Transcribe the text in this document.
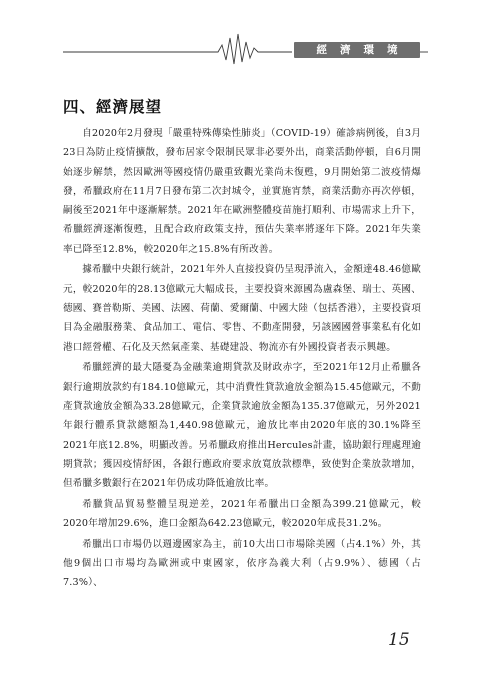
經濟環境
四、經濟展望

自2020年2月發現「嚴重特殊傳染性肺炎」（COVID-19）確診病例後，自3月23日為防止疫情擴散，發布居家令限制民眾非必要外出，商業活動停頓，自6月開始逐步解禁，然因歐洲等國疫情仍嚴重致觀光業尚未復甦，9月開始第二波疫情爆發，希臘政府在11月7日發布第二次封城令，並實施宵禁，商業活動亦再次停頓，嗣後至2021年中逐漸解禁。2021年在歐洲整體疫苗施打順利、市場需求上升下，希臘經濟逐漸復甦，且配合政府政策支持，預估失業率將逐年下降。2021年失業率已降至12.8%，較2020年之15.8%有所改善。

據希臘中央銀行統計，2021年外人直接投資仍呈現淨流入，金額達48.46億歐元，較2020年的28.13億歐元大幅成長，主要投資來源國為盧森堡、瑞士、英國、德國、賽普勒斯、美國、法國、荷蘭、愛爾蘭、中國大陸（包括香港），主要投資項目為金融服務業、食品加工、電信、零售、不動產開發，另該國國營事業私有化如港口經營權、石化及天然氣產業、基礎建設、物流亦有外國投資者表示興趣。

希臘經濟的最大隱憂為金融業逾期貸款及財政赤字，至2021年12月止希臘各銀行逾期放款約有184.10億歐元，其中消費性貸款逾放金額為15.45億歐元，不動產貸款逾放金額為33.28億歐元，企業貸款逾放金額為135.37億歐元，另外2021年銀行體系貸款總額為1,440.98億歐元，逾放比率由2020年底的30.1%降至2021年底12.8%，明顯改善。另希臘政府推出Hercules計畫，協助銀行理處理逾期貸款；獲因疫情紓困，各銀行應政府要求放寬放款標準，致使對企業放款增加，但希臘多數銀行在2021年仍成功降低逾放比率。

希臘貨品貿易整體呈現逆差，2021年希臘出口金額為399.21億歐元，較2020年增加29.6%，進口金額為642.23億歐元，較2020年成長31.2%。

希臘出口市場仍以週邊國家為主，前10大出口市場除美國（占4.1%）外，其他9個出口市場均為歐洲或中東國家，依序為義大利（占9.9%）、德國（占7.3%）、

15
